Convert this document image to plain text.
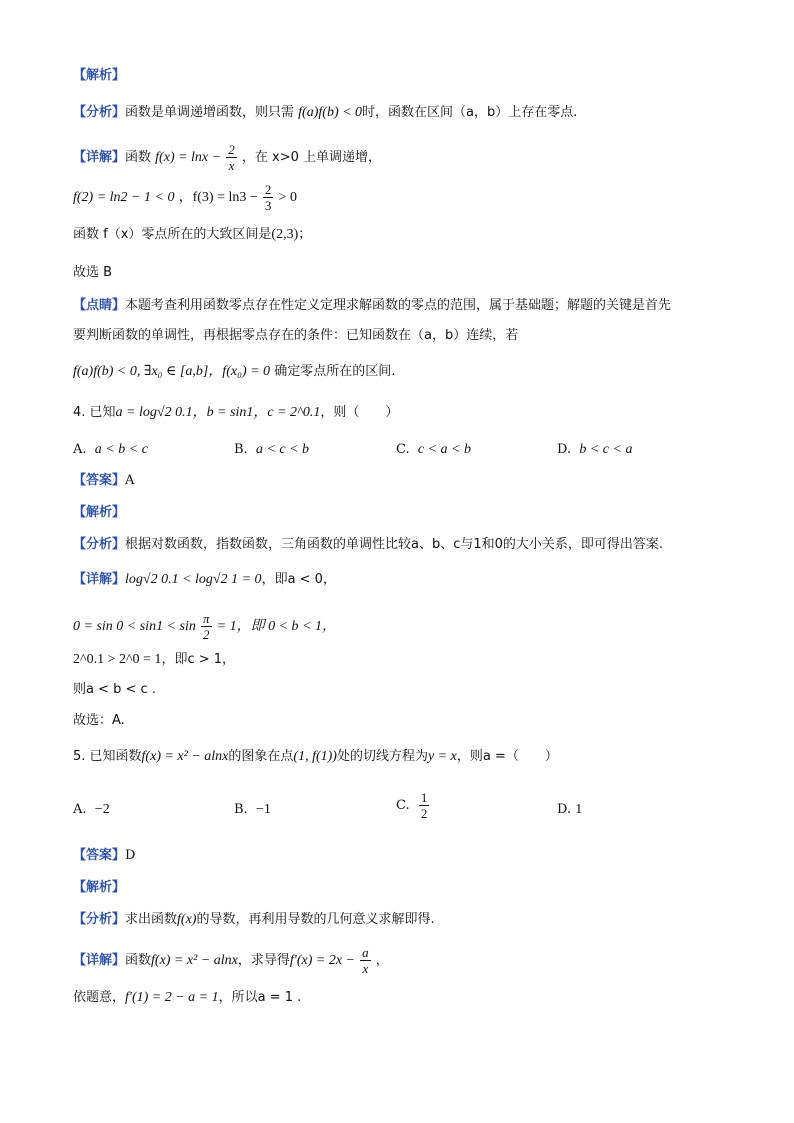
【解析】
【分析】函数是单调递增函数，则只需 f(a)f(b) < 0时，函数在区间（a，b）上存在零点.
【详解】函数 $f(x) = \ln x - \frac{2}{x}$ ，在 x>0 上单调递增，
f(2) = ln2 − 1 < 0 ，$f(3) = \ln 3 - \frac{2}{3} > 0$
函数 f（x）零点所在的大致区间是(2,3)；
故选 B
【点睛】本题考查利用函数零点存在性定义定理求解函数的零点的范围，属于基础题；解题的关键是首先
要判断函数的单调性，再根据零点存在的条件：已知函数在（a，b）连续，若
f(a)f(b) < 0, ∃x₀ ∈ [a,b]，f(x₀) = 0 确定零点所在的区间.
4. 已知a = log√2 0.1，b = sin1，c = 2^0.1，则（　　）
A. a < b < c	B. a < c < b	C. c < a < b	D. b < c < a
【答案】A
【解析】
【分析】根据对数函数，指数函数，三角函数的单调性比较a、b、c与1和0的大小关系，即可得出答案.
【详解】log√2 0.1 < log√2 1 = 0，即a < 0，
$0 = \sin 0 < \sin 1 < \sin \frac{\pi}{2} = 1$，即 0 < b < 1，
2^0.1 > 2^0 = 1，即c > 1，
则a < b < c .
故选：A.
5. 已知函数f(x) = x² − alnx的图象在点(1, f(1))处的切线方程为y = x，则a =（　　）
A. −2	B. −1	C. $\frac{1}{2}$	D. 1
【答案】D
【解析】
【分析】求出函数f(x)的导数，再利用导数的几何意义求解即得.
【详解】函数f(x) = x² − alnx，求导得$f'(x) = 2x - \frac{a}{x}$ ，
依题意，f′(1) = 2 − a = 1，所以a = 1 .
